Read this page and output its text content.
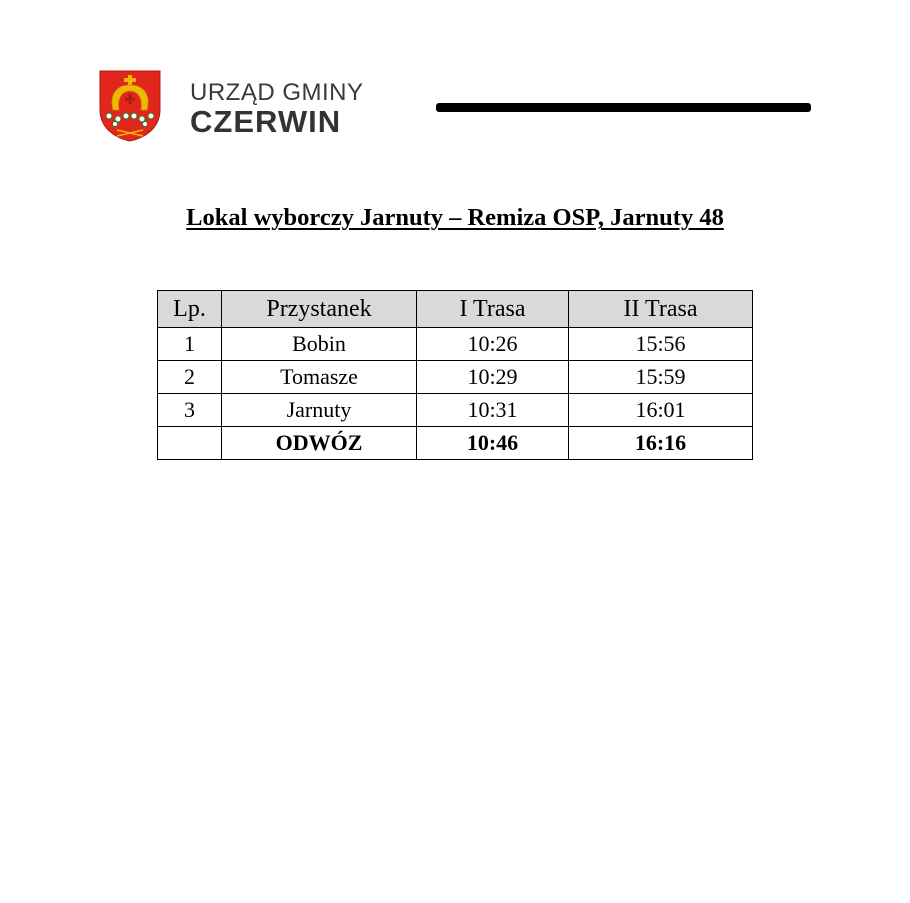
URZĄD GMINY
CZERWIN
Lokal wyborczy Jarnuty – Remiza OSP, Jarnuty 48
Lp.	Przystanek	I Trasa	II Trasa
1	Bobin	10:26	15:56
2	Tomasze	10:29	15:59
3	Jarnuty	10:31	16:01
	ODWÓZ	10:46	16:16
